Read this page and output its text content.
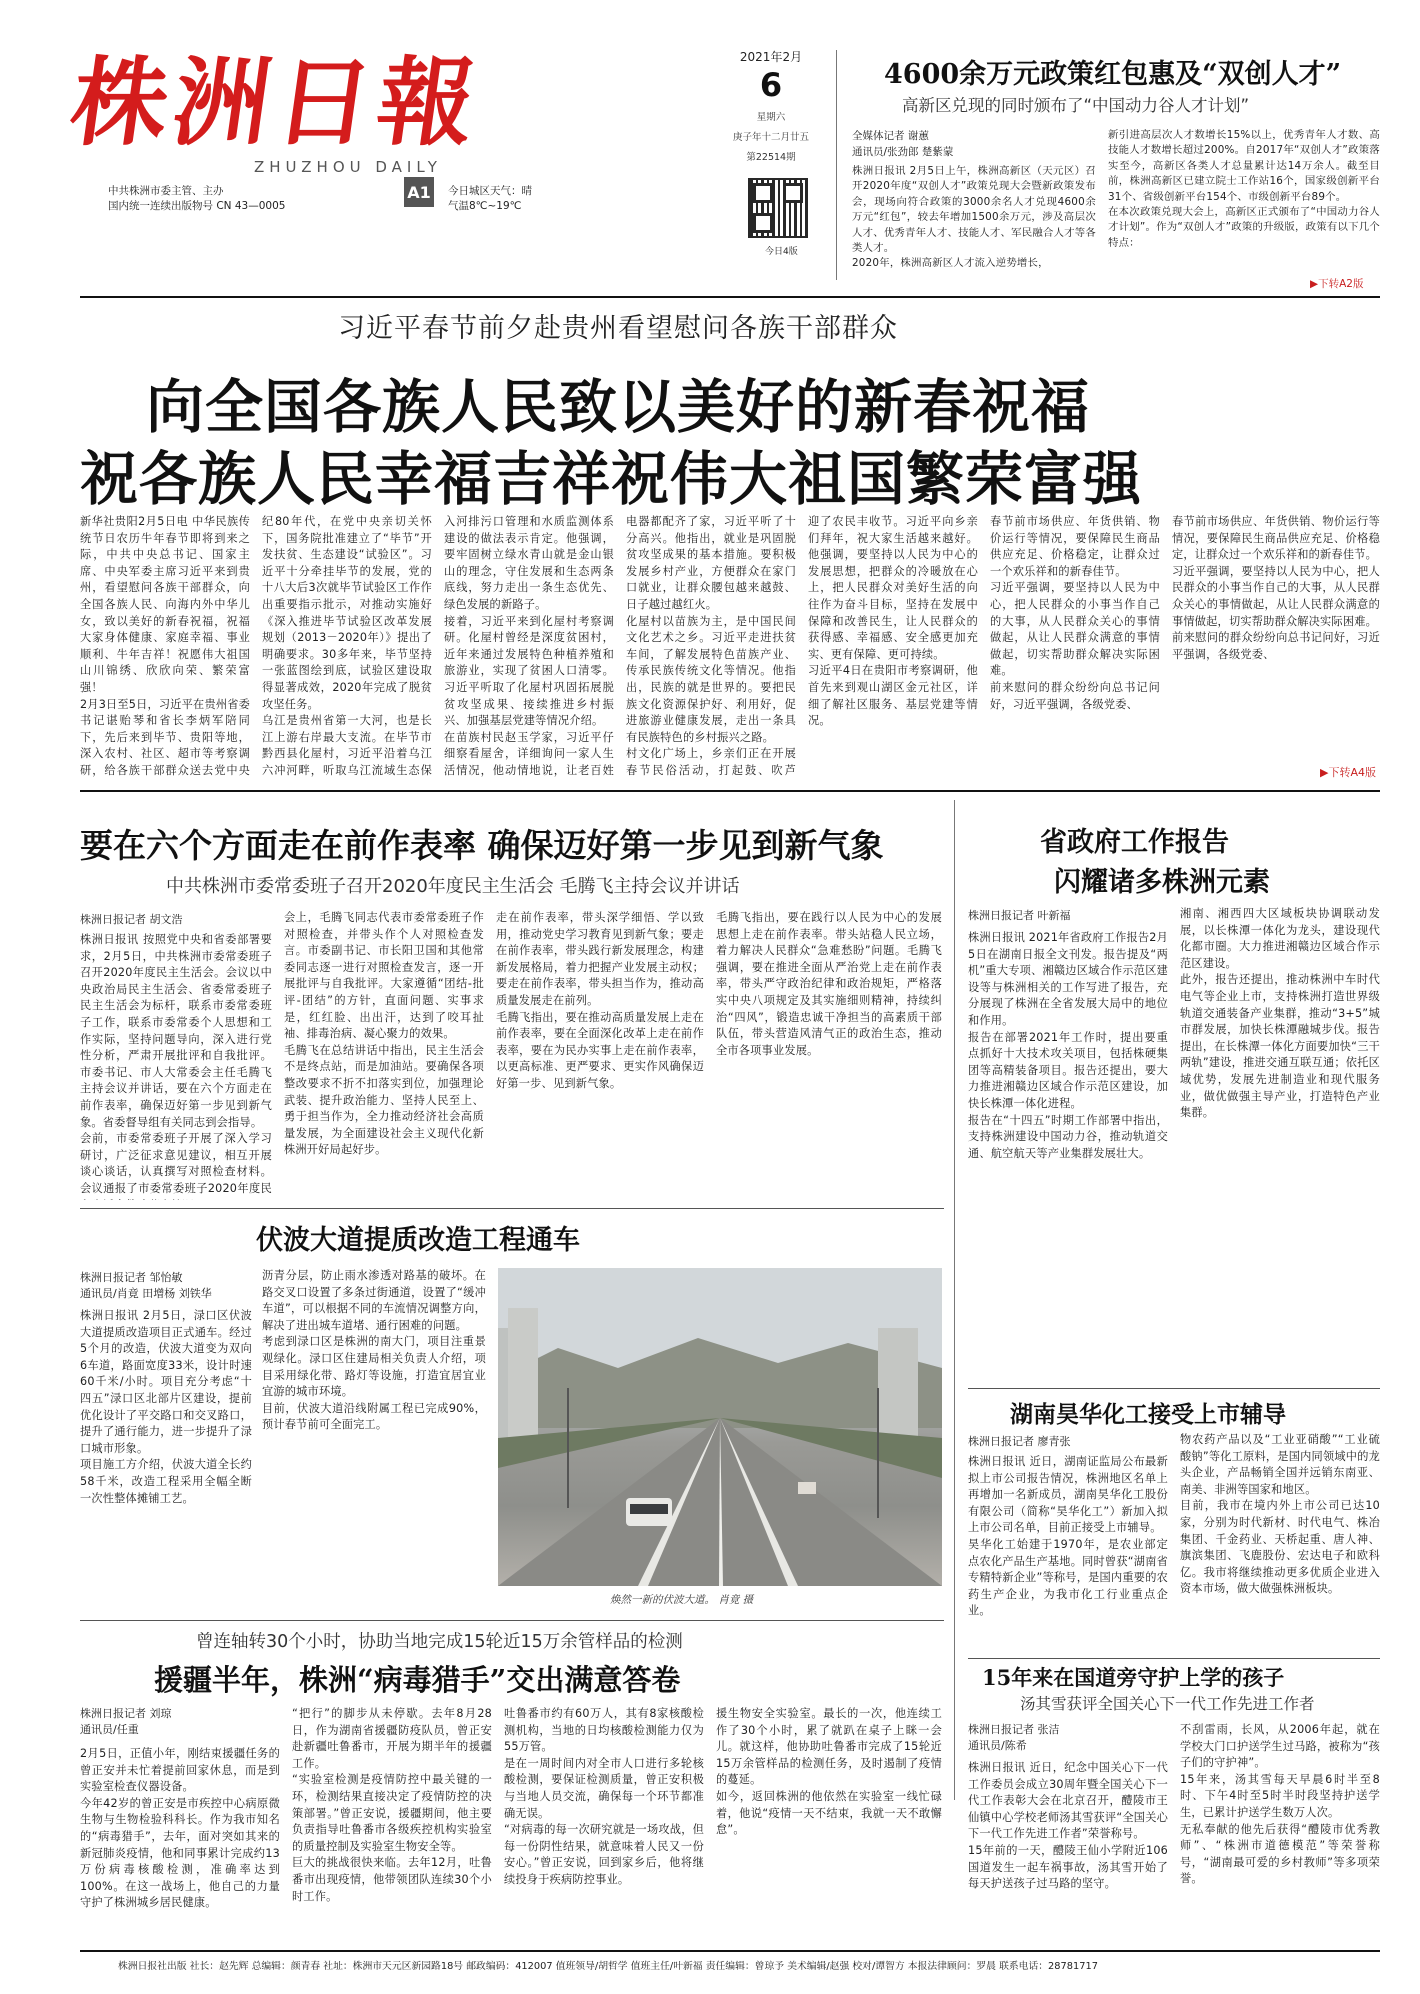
株洲日報
ZHUZHOU DAILY
中共株洲市委主管、主办
国内统一连续出版物号 CN 43—0005
A1 今日城区天气：晴
气温8℃~19℃
2021年2月
6
星期六
庚子年十二月廿五
第22514期
今日4版
4600余万元政策红包惠及“双创人才”
高新区兑现的同时颁布了“中国动力谷人才计划”
全媒体记者 谢蕙
通讯员/张劲郎 楚紫蒙
株洲日报讯 2月5日上午，株洲高新区（天元区）召开2020年度“双创人才”政策兑现大会暨新政策发布会，现场向符合政策的3000余名人才兑现4600余万元“红包”，较去年增加1500余万元，涉及高层次人才、优秀青年人才、技能人才、军民融合人才等各类人才。
2020年，株洲高新区人才流入逆势增长，
新引进高层次人才数增长15%以上，优秀青年人才数、高技能人才数增长超过200%。自2017年“双创人才”政策落实至今，高新区各类人才总量累计达14万余人。截至目前，株洲高新区已建立院士工作站16个，国家级创新平台31个、省级创新平台154个、市级创新平台89个。
在本次政策兑现大会上，高新区正式颁布了“中国动力谷人才计划”。作为“双创人才”政策的升级版，政策有以下几个特点：
▶下转A2版
习近平春节前夕赴贵州看望慰问各族干部群众
向全国各族人民致以美好的新春祝福
祝各族人民幸福吉祥祝伟大祖国繁荣富强
新华社贵阳2月5日电 中华民族传统节日农历牛年春节即将到来之际，中共中央总书记、国家主席、中央军委主席习近平来到贵州，看望慰问各族干部群众，向全国各族人民、向海内外中华儿女，致以美好的新春祝福，祝福大家身体健康、家庭幸福、事业顺利、牛年吉祥！祝愿伟大祖国山川锦绣、欣欣向荣、繁荣富强！
2月3日至5日，习近平在贵州省委书记谌贻琴和省长李炳军陪同下，先后来到毕节、贵阳等地，深入农村、社区、超市等考察调研，给各族干部群众送去党中央

纪80年代，在党中央亲切关怀下，国务院批准建立了“毕节”开发扶贫、生态建设“试验区”。习近平十分牵挂毕节的发展，党的十八大后3次就毕节试验区工作作出重要指示批示，对推动实施好《深入推进毕节试验区改革发展规划（2013－2020年）》提出了明确要求。30多年来，毕节坚持一张蓝图绘到底，试验区建设取得显著成效，2020年完成了脱贫攻坚任务。
乌江是贵州省第一大河，也是长江上游右岸最大支流。在毕节市黔西县化屋村，习近平沿着乌江六冲河畔，听取乌江流域生态保
入河排污口管理和水质监测体系建设的做法表示肯定。他强调，要牢固树立绿水青山就是金山银山的理念，守住发展和生态两条底线，努力走出一条生态优先、绿色发展的新路子。
接着，习近平来到化屋村考察调研。化屋村曾经是深度贫困村，近年来通过发展特色种植养殖和旅游业，实现了贫困人口清零。习近平听取了化屋村巩固拓展脱贫攻坚成果、接续推进乡村振兴、加强基层党建等情况介绍。
在苗族村民赵玉学家，习近平仔细察看屋舍，详细询问一家人生活情况，他动情地说，让老百姓
电器都配齐了家，习近平听了十分高兴。他指出，就业是巩固脱贫攻坚成果的基本措施。要积极发展乡村产业，方便群众在家门口就业，让群众腰包越来越鼓、日子越过越红火。
化屋村以苗族为主，是中国民间文化艺术之乡。习近平走进扶贫车间，了解发展特色苗族产业、传承民族传统文化等情况。他指出，民族的就是世界的。要把民族文化资源保护好、利用好，促进旅游业健康发展，走出一条具有民族特色的乡村振兴之路。
村文化广场上，乡亲们正在开展春节民俗活动，打起鼓、吹芦
迎了农民丰收节。习近平向乡亲们拜年，祝大家生活越来越好。他强调，要坚持以人民为中心的发展思想，把群众的冷暖放在心上，把人民群众对美好生活的向往作为奋斗目标，坚持在发展中保障和改善民生，让人民群众的获得感、幸福感、安全感更加充实、更有保障、更可持续。
习近平4日在贵阳市考察调研，他首先来到观山湖区金元社区，详细了解社区服务、基层党建等情况。
春节前市场供应、年货供销、物价运行等情况，要保障民生商品供应充足、价格稳定，让群众过一个欢乐祥和的新春佳节。
习近平强调，要坚持以人民为中心，把人民群众的小事当作自己的大事，从人民群众关心的事情做起，从让人民群众满意的事情做起，切实帮助群众解决实际困难。
前来慰问的群众纷纷向总书记问好，习近平强调，各级党委、
春节前市场供应、年货供销、物价运行等情况，要保障民生商品供应充足、价格稳定，让群众过一个欢乐祥和的新春佳节。
习近平强调，要坚持以人民为中心，把人民群众的小事当作自己的大事，从人民群众关心的事情做起，从让人民群众满意的事情做起，切实帮助群众解决实际困难。
前来慰问的群众纷纷向总书记问好，习近平强调，各级党委、
▶下转A4版
要在六个方面走在前作表率 确保迈好第一步见到新气象
中共株洲市委常委班子召开2020年度民主生活会 毛腾飞主持会议并讲话
株洲日报记者 胡文浩
株洲日报讯 按照党中央和省委部署要求，2月5日，中共株洲市委常委班子召开2020年度民主生活会。会议以中央政治局民主生活会、省委常委班子民主生活会为标杆，联系市委常委班子工作，联系市委常委个人思想和工作实际，坚持问题导向，深入进行党性分析，严肃开展批评和自我批评。市委书记、市人大常委会主任毛腾飞主持会议并讲话，要在六个方面走在前作表率，确保迈好第一步见到新气象。省委督导组有关同志到会指导。
会前，市委常委班子开展了深入学习研讨，广泛征求意见建议，相互开展谈心谈话，认真撰写对照检查材料。会议通报了市委常委班子2020年度民
会上，毛腾飞同志代表市委常委班子作对照检查，并带头作个人对照检查发言。市委副书记、市长阳卫国和其他常委同志逐一进行对照检查发言，逐一开展批评与自我批评。大家遵循“团结-批评-团结”的方针，直面问题、实事求是，红红脸、出出汗，达到了咬耳扯袖、排毒治病、凝心聚力的效果。
毛腾飞在总结讲话中指出，民主生活会不是终点站，而是加油站。要确保各项整改要求不折不扣落实到位，加强理论武装、提升政治能力、坚持人民至上、勇于担当作为，全力推动经济社会高质量发展，为全面建设社会主义现代化新株洲开好局起好步。
走在前作表率，带头深学细悟、学以致用，推动党史学习教育见到新气象；要走在前作表率，带头践行新发展理念，构建新发展格局，着力把握产业发展主动权；要走在前作表率，带头担当作为，推动高质量发展走在前列。
毛腾飞指出，要在推动高质量发展上走在前作表率，要在全面深化改革上走在前作表率，要在为民办实事上走在前作表率，以更高标准、更严要求、更实作风确保迈好第一步、见到新气象。
毛腾飞指出，要在践行以人民为中心的发展思想上走在前作表率。带头站稳人民立场，着力解决人民群众“急难愁盼”问题。毛腾飞强调，要在推进全面从严治党上走在前作表率，带头严守政治纪律和政治规矩，严格落实中央八项规定及其实施细则精神，持续纠治“四风”，锻造忠诚干净担当的高素质干部队伍，带头营造风清气正的政治生态，推动全市各项事业发展。
省政府工作报告
闪耀诸多株洲元素
株洲日报记者 叶新福
株洲日报讯 2021年省政府工作报告2月5日在湖南日报全文刊发。报告提及“两机”重大专项、湘赣边区域合作示范区建设等与株洲相关的工作写进了报告，充分展现了株洲在全省发展大局中的地位和作用。
报告在部署2021年工作时，提出要重点抓好十大技术攻关项目，包括株硬集团等高精装备项目。报告还提出，要大力推进湘赣边区域合作示范区建设，加快长株潭一体化进程。
报告在“十四五”时期工作部署中指出，支持株洲建设中国动力谷，推动轨道交通、航空航天等产业集群发展壮大。
湘南、湘西四大区域板块协调联动发展，以长株潭一体化为龙头，建设现代化都市圈。大力推进湘赣边区域合作示范区建设。
此外，报告还提出，推动株洲中车时代电气等企业上市，支持株洲打造世界级轨道交通装备产业集群，推动“3+5”城市群发展，加快长株潭融城步伐。报告提出，在长株潭一体化方面要加快“三干两轨”建设，推进交通互联互通；依托区域优势，发展先进制造业和现代服务业，做优做强主导产业，打造特色产业集群。
伏波大道提质改造工程通车
株洲日报记者 邹怡敏
通讯员/肖竟 田增杨 刘铁华
株洲日报讯 2月5日，渌口区伏波大道提质改造项目正式通车。经过5个月的改造，伏波大道变为双向6车道，路面宽度33米，设计时速60千米/小时。项目充分考虑“十四五”渌口区北部片区建设，提前优化设计了平交路口和交叉路口，提升了通行能力，进一步提升了渌口城市形象。
项目施工方介绍，伏波大道全长约58千米，改造工程采用全幅全断一次性整体摊铺工艺。
沥青分层，防止雨水渗透对路基的破坏。在路交叉口设置了多条过街通道，设置了“缓冲车道”，可以根据不同的车流情况调整方向，解决了进出城车道堵、通行困难的问题。
考虑到渌口区是株洲的南大门，项目注重景观绿化。渌口区住建局相关负责人介绍，项目采用绿化带、路灯等设施，打造宜居宜业宜游的城市环境。
目前，伏波大道沿线附属工程已完成90%，预计春节前可全面完工。
焕然一新的伏波大道。 肖竟 摄
湖南昊华化工接受上市辅导
株洲日报记者 廖青张
株洲日报讯 近日，湖南证监局公布最新拟上市公司报告情况，株洲地区名单上再增加一名新成员，湖南昊华化工股份有限公司（简称“昊华化工”）新加入拟上市公司名单，目前正接受上市辅导。
昊华化工始建于1970年，是农业部定点农化产品生产基地。同时曾获“湖南省专精特新企业”等称号，是国内重要的农药生产企业，为我市化工行业重点企业。
物农药产品以及“工业亚硝酸”“工业硫酸钠”等化工原料，是国内同领域中的龙头企业，产品畅销全国并远销东南亚、南美、非洲等国家和地区。
目前，我市在境内外上市公司已达10家，分别为时代新材、时代电气、株冶集团、千金药业、天桥起重、唐人神、旗滨集团、飞鹿股份、宏达电子和欧科亿。我市将继续推动更多优质企业进入资本市场，做大做强株洲板块。
曾连轴转30个小时，协助当地完成15轮近15万余管样品的检测
援疆半年，株洲“病毒猎手”交出满意答卷
株洲日报记者 刘琼
通讯员/任重
2月5日，正值小年，刚结束援疆任务的曾正安并未忙着提前回家休息，而是到实验室检查仪器设备。
今年42岁的曾正安是市疾控中心病原微生物与生物检验科科长。作为我市知名的“病毒猎手”，去年，面对突如其来的新冠肺炎疫情，他和同事累计完成约13万份病毒核酸检测，准确率达到100%。在这一战场上，他自己的力量守护了株洲城乡居民健康。
“把行”的脚步从未停歇。去年8月28日，作为湖南省援疆防疫队员，曾正安赴新疆吐鲁番市，开展为期半年的援疆工作。
“实验室检测是疫情防控中最关键的一环，检测结果直接决定了疫情防控的决策部署。”曾正安说，援疆期间，他主要负责指导吐鲁番市各级疾控机构实验室的质量控制及实验室生物安全等。
巨大的挑战很快来临。去年12月，吐鲁番市出现疫情，他带领团队连续30个小时工作。
吐鲁番市约有60万人，其有8家核酸检测机构，当地的日均核酸检测能力仅为55万管。
是在一周时间内对全市人口进行多轮核酸检测，要保证检测质量，曾正安积极与当地人员交流，确保每一个环节都准确无误。
“对病毒的每一次研究就是一场攻战，但每一份阴性结果，就意味着人民又一份安心。”曾正安说，回到家乡后，他将继续投身于疾病防控事业。
援生物安全实验室。最长的一次，他连续工作了30个小时，累了就趴在桌子上眯一会儿。就这样，他协助吐鲁番市完成了15轮近15万余管样品的检测任务，及时遏制了疫情的蔓延。
如今，返回株洲的他依然在实验室一线忙碌着，他说“疫情一天不结束，我就一天不敢懈怠”。
15年来在国道旁守护上学的孩子
汤其雪获评全国关心下一代工作先进工作者
株洲日报记者 张洁
通讯员/陈希
株洲日报讯 近日，纪念中国关心下一代工作委员会成立30周年暨全国关心下一代工作表彰大会在北京召开，醴陵市王仙镇中心学校老师汤其雪获评“全国关心下一代工作先进工作者”荣誉称号。
15年前的一天，醴陵王仙小学附近106国道发生一起车祸事故，汤其雪开始了每天护送孩子过马路的坚守。
不刮雷雨，长风，从2006年起，就在学校大门口护送学生过马路，被称为“孩子们的守护神”。
15年来，汤其雪每天早晨6时半至8时、下午4时至5时半时段坚持护送学生，已累计护送学生数万人次。
无私奉献的他先后获得“醴陵市优秀教师”、“株洲市道德模范”等荣誉称号，“湖南最可爱的乡村教师”等多项荣誉。
株洲日报社出版 社长：赵先辉 总编辑：颜青春 社址：株洲市天元区新园路18号 邮政编码：412007 值班领导/胡哲学 值班主任/叶新福 责任编辑：曾琼予 美术编辑/赵强 校对/谭智方 本报法律顾问：罗晨 联系电话：28781717
